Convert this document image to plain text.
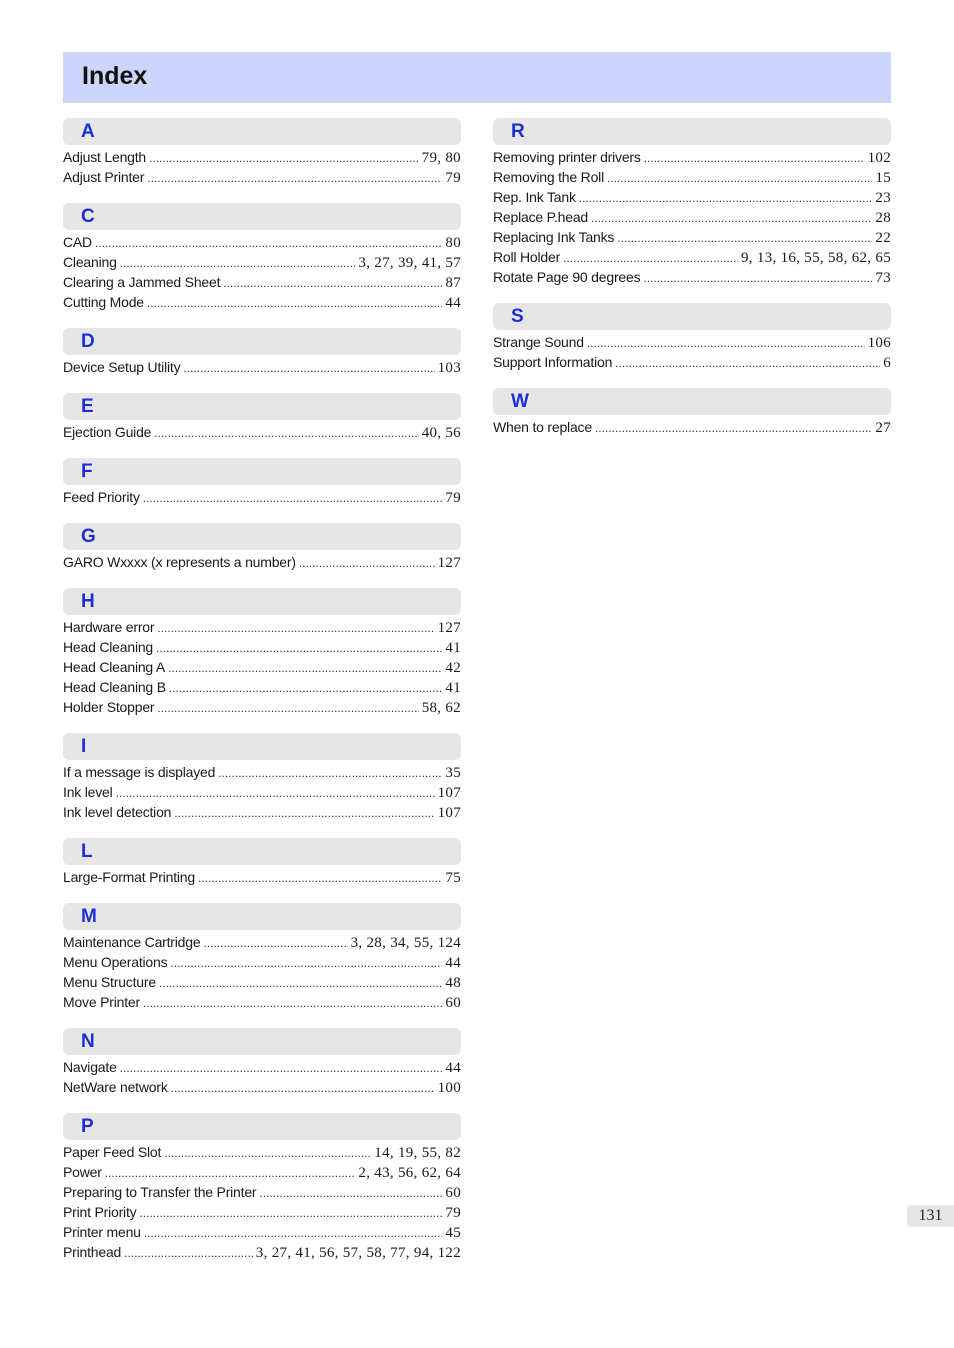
Index
A
Adjust Length .....	79, 80
Adjust Printer .....	79
C
CAD .....	80
Cleaning .....	3, 27, 39, 41, 57
Clearing a Jammed Sheet .....	87
Cutting Mode .....	44
D
Device Setup Utility .....	103
E
Ejection Guide .....	40, 56
F
Feed Priority .....	79
G
GARO Wxxxx (x represents a number) .....	127
H
Hardware error .....	127
Head Cleaning .....	41
Head Cleaning A .....	42
Head Cleaning B .....	41
Holder Stopper .....	58, 62
I
If a message is displayed .....	35
Ink level .....	107
Ink level detection .....	107
L
Large-Format Printing .....	75
M
Maintenance Cartridge .....	3, 28, 34, 55, 124
Menu Operations .....	44
Menu Structure .....	48
Move Printer .....	60
N
Navigate .....	44
NetWare network .....	100
P
Paper Feed Slot .....	14, 19, 55, 82
Power .....	2, 43, 56, 62, 64
Preparing to Transfer the Printer .....	60
Print Priority .....	79
Printer menu .....	45
Printhead .....	3, 27, 41, 56, 57, 58, 77, 94, 122
R
Removing printer drivers .....	102
Removing the Roll .....	15
Rep. Ink Tank .....	23
Replace P.head .....	28
Replacing Ink Tanks .....	22
Roll Holder .....	9, 13, 16, 55, 58, 62, 65
Rotate Page 90 degrees .....	73
S
Strange Sound .....	106
Support Information .....	6
W
When to replace .....	27
131
